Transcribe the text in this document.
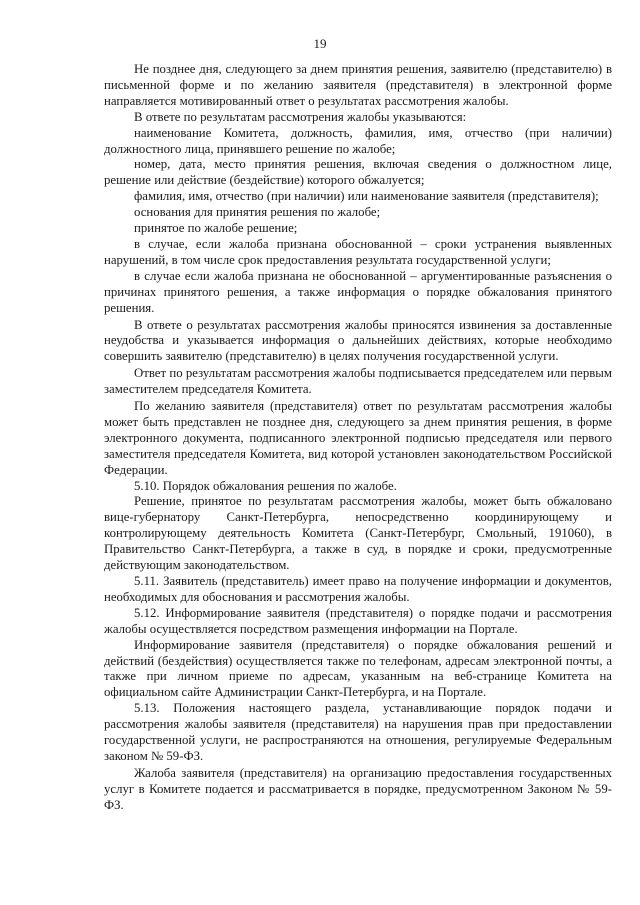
19

Не позднее дня, следующего за днем принятия решения, заявителю (представителю) в письменной форме и по желанию заявителя (представителя) в электронной форме направляется мотивированный ответ о результатах рассмотрения жалобы.

В ответе по результатам рассмотрения жалобы указываются:

наименование Комитета, должность, фамилия, имя, отчество (при наличии) должностного лица, принявшего решение по жалобе;

номер, дата, место принятия решения, включая сведения о должностном лице, решение или действие (бездействие) которого обжалуется;

фамилия, имя, отчество (при наличии) или наименование заявителя (представителя);

основания для принятия решения по жалобе;

принятое по жалобе решение;

в случае, если жалоба признана обоснованной – сроки устранения выявленных нарушений, в том числе срок предоставления результата государственной услуги;

в случае если жалоба признана не обоснованной – аргументированные разъяснения о причинах принятого решения, а также информация о порядке обжалования принятого решения.

В ответе о результатах рассмотрения жалобы приносятся извинения за доставленные неудобства и указывается информация о дальнейших действиях, которые необходимо совершить заявителю (представителю) в целях получения государственной услуги.

Ответ по результатам рассмотрения жалобы подписывается председателем или первым заместителем председателя Комитета.

По желанию заявителя (представителя) ответ по результатам рассмотрения жалобы может быть представлен не позднее дня, следующего за днем принятия решения, в форме электронного документа, подписанного электронной подписью председателя или первого заместителя председателя Комитета, вид которой установлен законодательством Российской Федерации.

5.10. Порядок обжалования решения по жалобе.

Решение, принятое по результатам рассмотрения жалобы, может быть обжаловано вице-губернатору Санкт-Петербурга, непосредственно координирующему и контролирующему деятельность Комитета (Санкт-Петербург, Смольный, 191060), в Правительство Санкт-Петербурга, а также в суд, в порядке и сроки, предусмотренные действующим законодательством.

5.11. Заявитель (представитель) имеет право на получение информации и документов, необходимых для обоснования и рассмотрения жалобы.

5.12. Информирование заявителя (представителя) о порядке подачи и рассмотрения жалобы осуществляется посредством размещения информации на Портале.

Информирование заявителя (представителя) о порядке обжалования решений и действий (бездействия) осуществляется также по телефонам, адресам электронной почты, а также при личном приеме по адресам, указанным на веб-странице Комитета на официальном сайте Администрации Санкт-Петербурга, и на Портале.

5.13. Положения настоящего раздела, устанавливающие порядок подачи и рассмотрения жалобы заявителя (представителя) на нарушения прав при предоставлении государственной услуги, не распространяются на отношения, регулируемые Федеральным законом № 59-ФЗ.

Жалоба заявителя (представителя) на организацию предоставления государственных услуг в Комитете подается и рассматривается в порядке, предусмотренном Законом № 59-ФЗ.
